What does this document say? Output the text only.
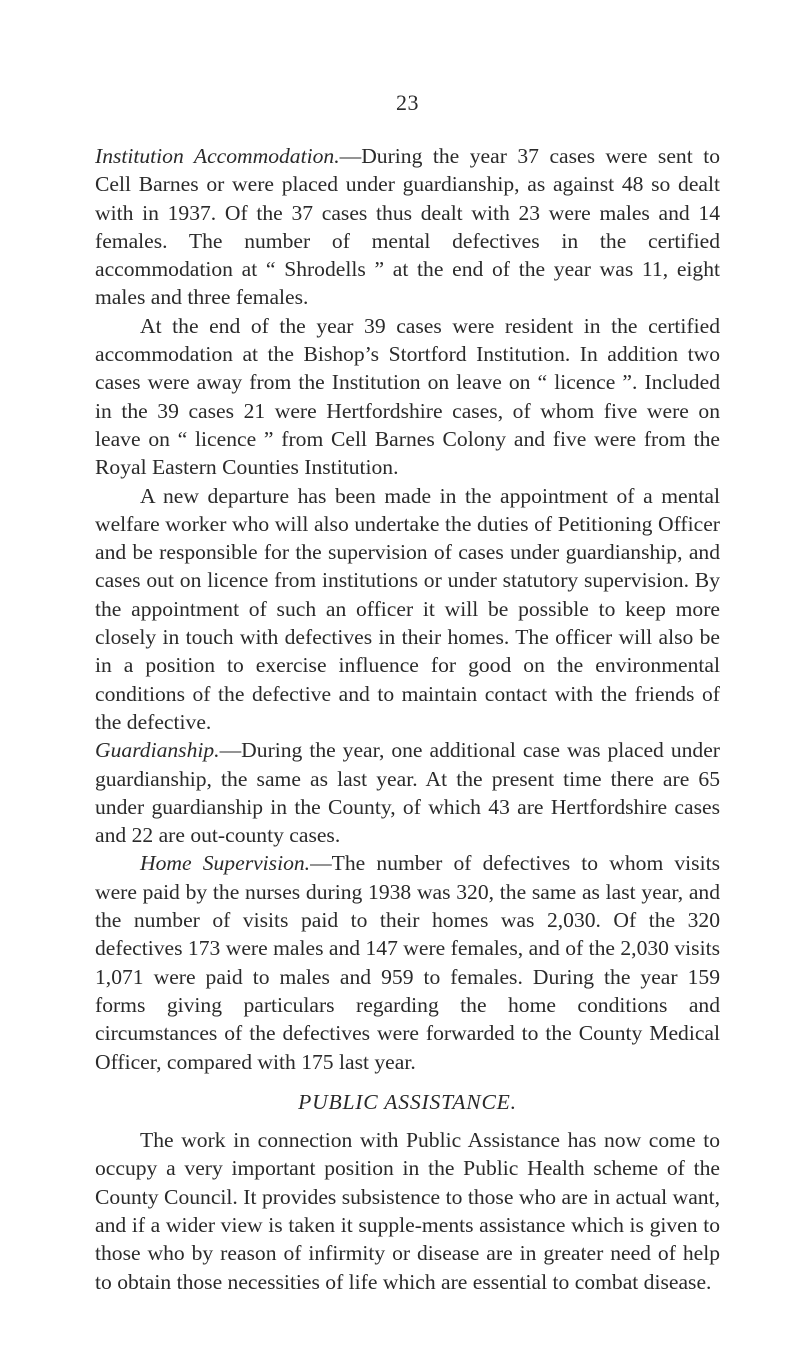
23

Institution Accommodation.—During the year 37 cases were sent to Cell Barnes or were placed under guardianship, as against 48 so dealt with in 1937. Of the 37 cases thus dealt with 23 were males and 14 females. The number of mental defectives in the certified accommodation at “ Shrodells ” at the end of the year was 11, eight males and three females.

At the end of the year 39 cases were resident in the certified accommodation at the Bishop’s Stortford Institution. In addition two cases were away from the Institution on leave on “ licence ”. Included in the 39 cases 21 were Hertfordshire cases, of whom five were on leave on “ licence ” from Cell Barnes Colony and five were from the Royal Eastern Counties Institution.

A new departure has been made in the appointment of a mental welfare worker who will also undertake the duties of Petitioning Officer and be responsible for the supervision of cases under guardianship, and cases out on licence from institutions or under statutory supervision. By the appointment of such an officer it will be possible to keep more closely in touch with defectives in their homes. The officer will also be in a position to exercise influence for good on the environmental conditions of the defective and to maintain contact with the friends of the defective.

Guardianship.—During the year, one additional case was placed under guardianship, the same as last year. At the present time there are 65 under guardianship in the County, of which 43 are Hertfordshire cases and 22 are out-county cases.

Home Supervision.—The number of defectives to whom visits were paid by the nurses during 1938 was 320, the same as last year, and the number of visits paid to their homes was 2,030. Of the 320 defectives 173 were males and 147 were females, and of the 2,030 visits 1,071 were paid to males and 959 to females. During the year 159 forms giving particulars regarding the home conditions and circumstances of the defectives were forwarded to the County Medical Officer, compared with 175 last year.

PUBLIC ASSISTANCE.

The work in connection with Public Assistance has now come to occupy a very important position in the Public Health scheme of the County Council. It provides subsistence to those who are in actual want, and if a wider view is taken it supple-ments assistance which is given to those who by reason of infirmity or disease are in greater need of help to obtain those necessities of life which are essential to combat disease.
